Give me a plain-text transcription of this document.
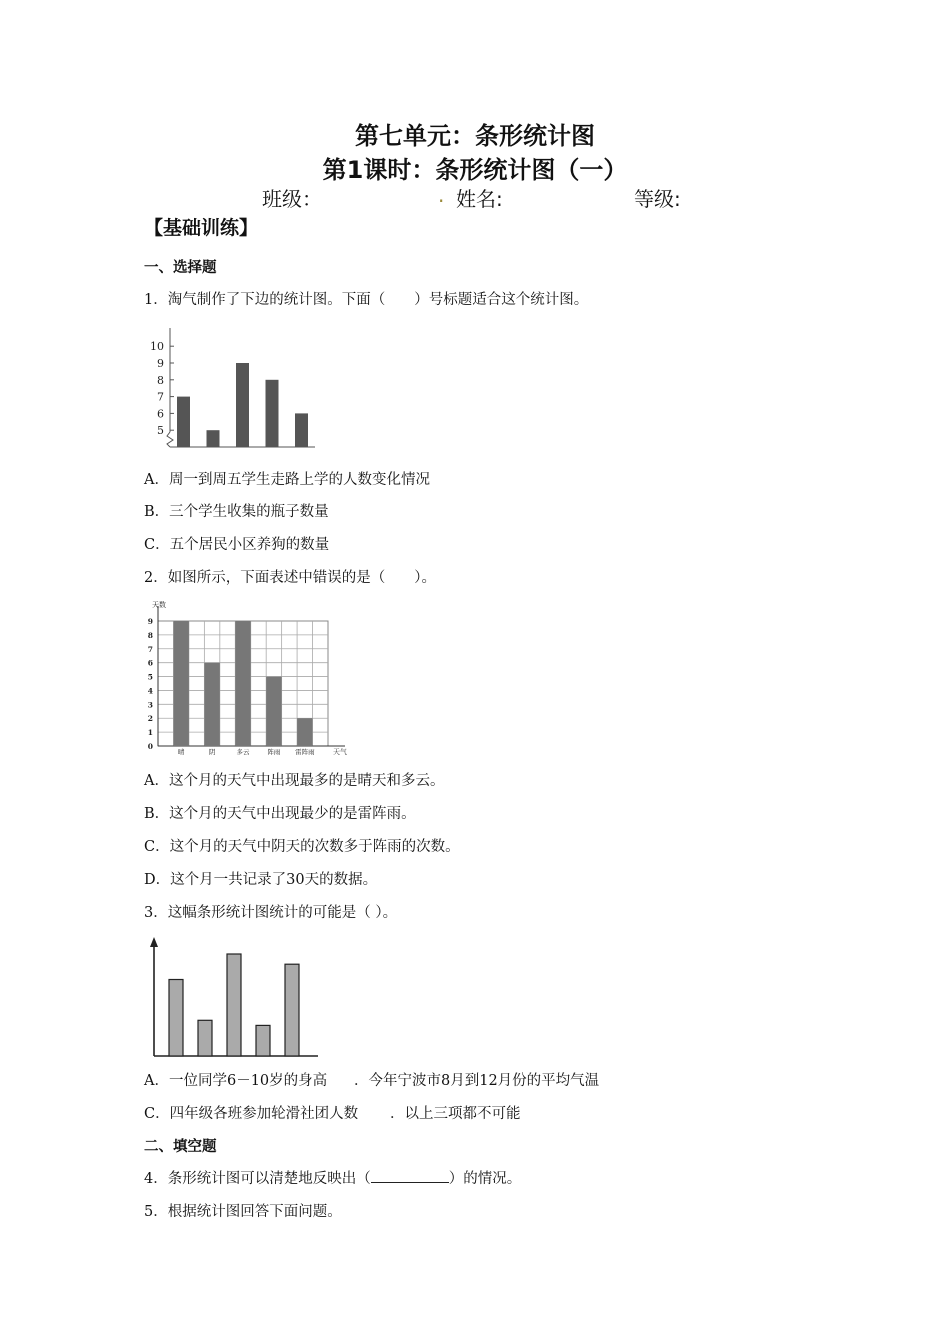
第七单元：条形统计图
第1课时：条形统计图（一）
班级：	. 姓名:	等级:
【基础训练】
一、选择题
1．淘气制作了下边的统计图。下面（　　）号标题适合这个统计图。
5
6
7
8
9
10
A．周一到周五学生走路上学的人数变化情况
B．三个学生收集的瓶子数量
C．五个居民小区养狗的数量
2．如图所示，下面表述中错误的是（　　）。
天数
天气
0
1
2
3
4
5
6
7
8
9
晴	阴	多云	阵雨 雷阵雨
A．这个月的天气中出现最多的是晴天和多云。
B．这个月的天气中出现最少的是雷阵雨。
C．这个月的天气中阴天的次数多于阵雨的次数。
D．这个月一共记录了30天的数据。
3．这幅条形统计图统计的可能是（ ）。
A．一位同学6－10岁的身高 ．今年宁波市8月到12月份的平均气温
C．四年级各班参加轮滑社团人数 ．以上三项都不可能
二、填空题
4．条形统计图可以清楚地反映出（	）的情况。
5．根据统计图回答下面问题。
